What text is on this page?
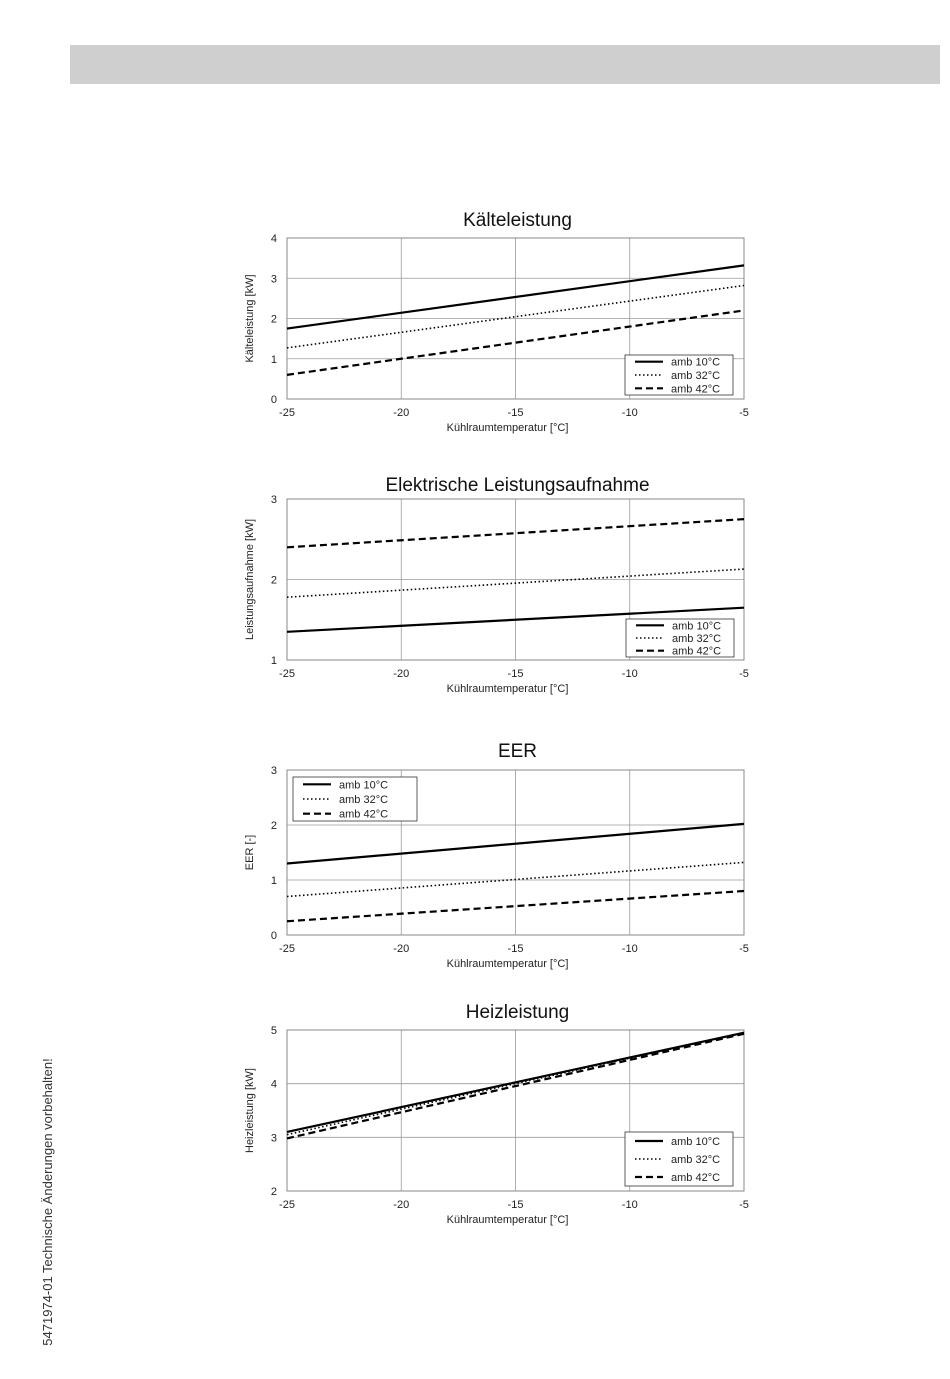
5471974-01 Technische Änderungen vorbehalten!
Kälteleistung
-25	-20	-15	-10	-5
0
1
2
3
4
Kühlraumtemperatur [°C]
Kälteleistung [kW]
amb 10°C
amb 32°C
amb 42°C
Elektrische Leistungsaufnahme
-25	-20	-15	-10	-5
1
2
3
Kühlraumtemperatur [°C]
Leistungsaufnahme [kW]	amb 10°C
amb 32°C
amb 42°C
EER
-25	-20	-15	-10	-5
0
1
2
3
Kühlraumtemperatur [°C]
EER [-]
amb 10°C
amb 32°C
amb 42°C
Heizleistung
-25	-20	-15	-10	-5
2
3
4
5
Kühlraumtemperatur [°C]
Heizleistung [kW]	amb 10°C
amb 32°C
amb 42°C
